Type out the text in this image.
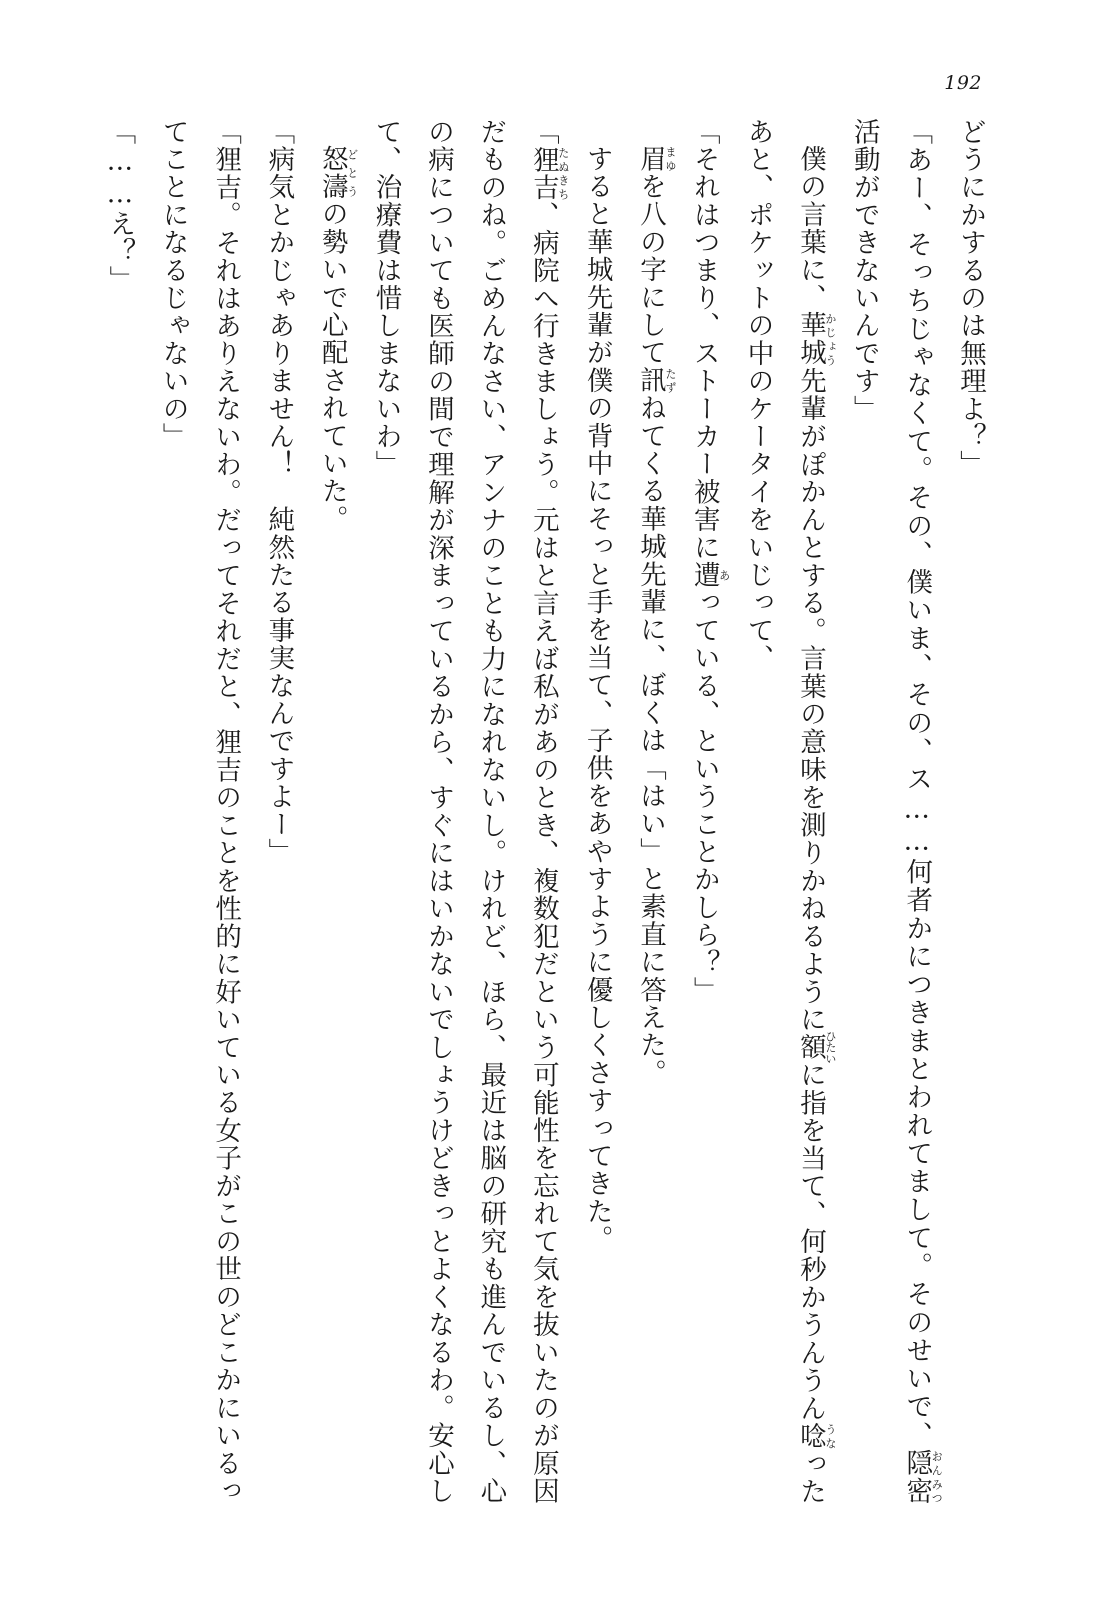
192

どうにかするのは無理よ？」

「あー、そっちじゃなくて。その、僕いま、その、ス……何者かにつきまとわれてまして。そのせいで、隠密おんみつ活動ができないんです」

僕の言葉に、華城かじょう先輩がぽかんとする。言葉の意味を測りかねるように額ひたいに指を当て、何秒かうんうん唸うなったあと、ポケットの中のケータイをいじって、

「それはつまり、ストーカー被害に遭あっている、ということかしら？」

眉まゆを八の字にして訊たずねてくる華城先輩に、ぼくは「はい」と素直に答えた。

すると華城先輩が僕の背中にそっと手を当て、子供をあやすように優しくさすってきた。

「狸吉たぬきち、病院へ行きましょう。元はと言えば私があのとき、複数犯だという可能性を忘れて気を抜いたのが原因だものね。ごめんなさい、アンナのことも力になれないし。けれど、ほら、最近は脳の研究も進んでいるし、心の病についても医師の間で理解が深まっているから、すぐにはいかないでしょうけどきっとよくなるわ。安心して、治療費は惜しまないわ」

怒濤どとうの勢いで心配されていた。

「病気とかじゃありません！　純然たる事実なんですよー」

「狸吉。それはありえないわ。だってそれだと、狸吉のことを性的に好いている女子がこの世のどこかにいるってことになるじゃないの」

「……え？」
